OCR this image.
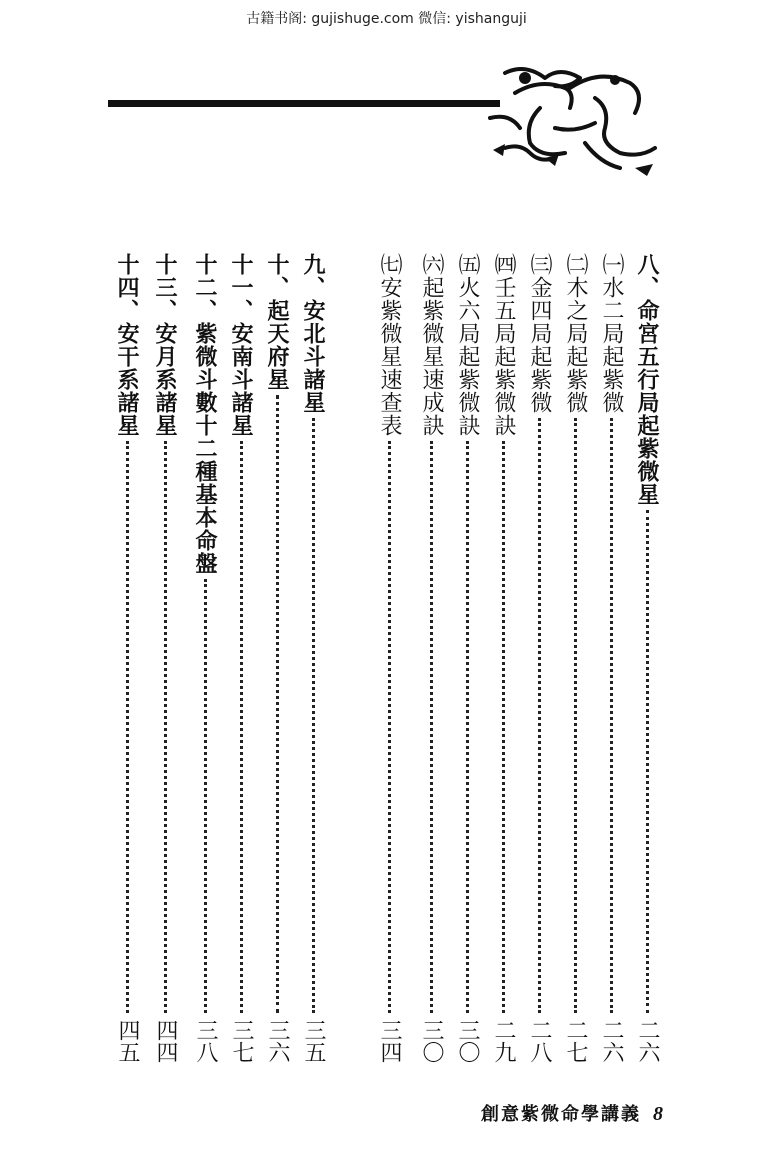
古籍书阁: gujishuge.com 微信: yishanguji
八、命宮五行局起紫微星
二六
㈠水二局起紫微
二六
㈡木之局起紫微
二七
㈢金四局起紫微
二八
㈣壬五局起紫微訣
二九
㈤火六局起紫微訣
三〇
㈥起紫微星速成訣
三〇
㈦安紫微星速查表
三四
九、安北斗諸星
三五
十、起天府星
三六
十一、安南斗諸星
三七
十二、紫微斗數十二種基本命盤
三八
十三、安月系諸星
四四
十四、安干系諸星
四五
創意紫微命學講義 8
